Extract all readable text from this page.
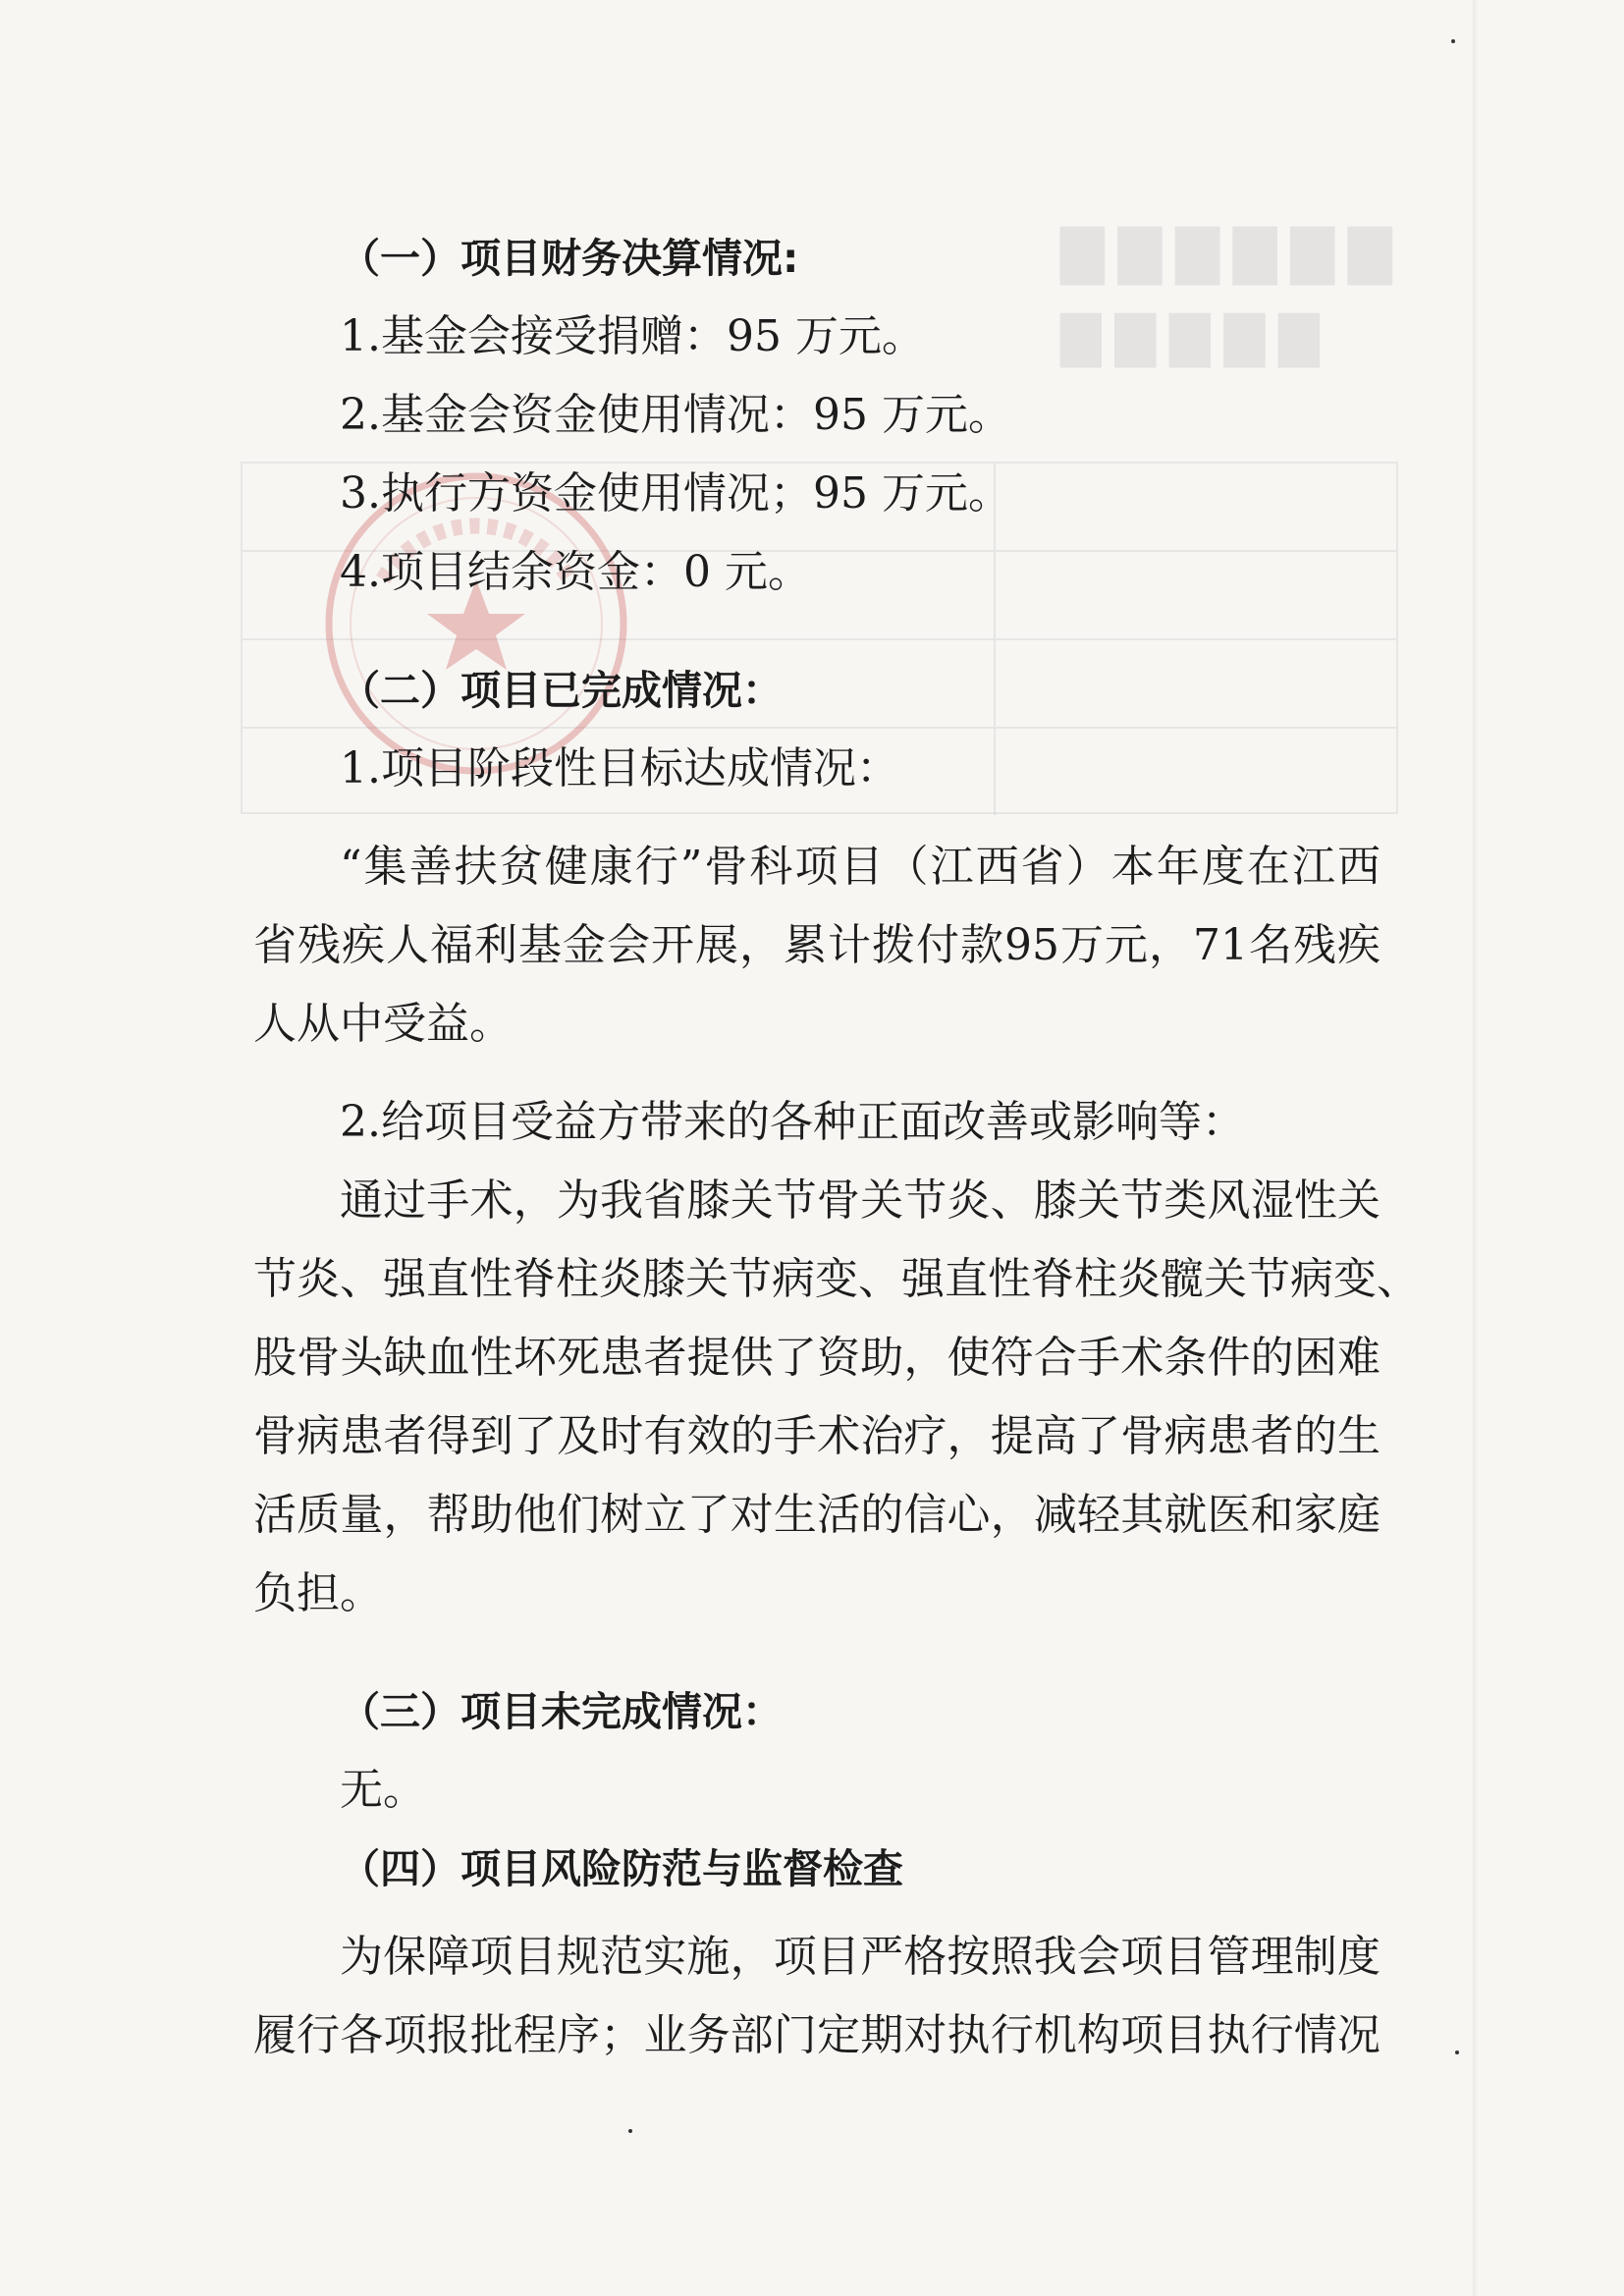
▇▇▇▇▇▇
▇▇▇▇▇
（一）项目财务决算情况:
1.基金会接受捐赠：95 万元。
2.基金会资金使用情况：95 万元。
3.执行方资金使用情况；95 万元。
4.项目结余资金：0 元。
（二）项目已完成情况：
1.项目阶段性目标达成情况：
“集善扶贫健康行”骨科项目（江西省）本年度在江西
省残疾人福利基金会开展，累计拨付款95万元，71名残疾
人从中受益。
2.给项目受益方带来的各种正面改善或影响等：
通过手术，为我省膝关节骨关节炎、膝关节类风湿性关
节炎、强直性脊柱炎膝关节病变、强直性脊柱炎髋关节病变、
股骨头缺血性坏死患者提供了资助，使符合手术条件的困难
骨病患者得到了及时有效的手术治疗，提高了骨病患者的生
活质量，帮助他们树立了对生活的信心，减轻其就医和家庭
负担。
（三）项目未完成情况：
无。
（四）项目风险防范与监督检查
为保障项目规范实施，项目严格按照我会项目管理制度
履行各项报批程序；业务部门定期对执行机构项目执行情况
